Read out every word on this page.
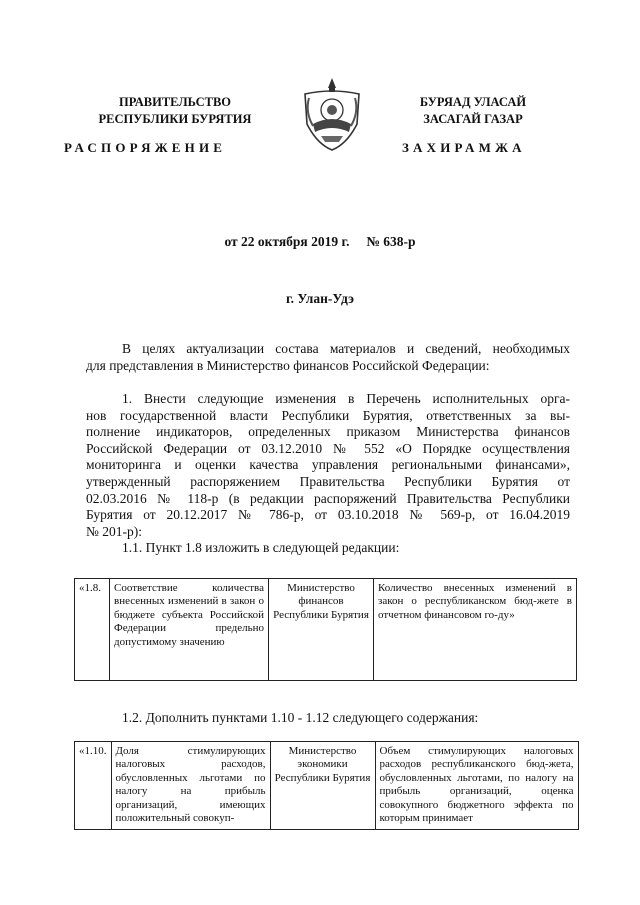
ПРАВИТЕЛЬСТВО
РЕСПУБЛИКИ БУРЯТИЯ
БУРЯАД УЛАСАЙ
ЗАСАГАЙ ГАЗАР
РАСПОРЯЖЕНИЕ	ЗАХИРАМЖА
от 22 октября 2019 г.     № 638-р
г. Улан-Удэ
В целях актуализации состава материалов и сведений, необходимых
для представления в Министерство финансов Российской Федерации:
1. Внести следующие изменения в Перечень исполнительных орга-
нов государственной власти Республики Бурятия, ответственных за вы-
полнение индикаторов, определенных приказом Министерства финансов
Российской Федерации от 03.12.2010 № 552 «О Порядке осуществления
мониторинга и оценки качества управления региональными финансами»,
утвержденный распоряжением Правительства Республики Бурятия от
02.03.2016 № 118-р (в редакции распоряжений Правительства Республики
Бурятия от 20.12.2017 № 786-р, от 03.10.2018 № 569-р, от 16.04.2019
№ 201-р):
1.1. Пункт 1.8 изложить в следующей редакции:
«1.8.	Соответствие количества внесенных изменений в закон о бюджете субъекта Российской Федерации предельно допустимому значению	Министерство финансов Республики Бурятия	Количество внесенных изменений в закон о республиканском бюд-жете в отчетном финансовом го-ду»
1.2. Дополнить пунктами 1.10 - 1.12 следующего содержания:
«1.10.	Доля стимулирующих налоговых расходов, обусловленных льготами по налогу на прибыль организаций, имеющих положительный совокуп-	Министерство экономики Республики Бурятия	Объем стимулирующих налоговых расходов республиканского бюд-жета, обусловленных льготами, по налогу на прибыль организаций, оценка совокупного бюджетного эффекта по которым принимает
